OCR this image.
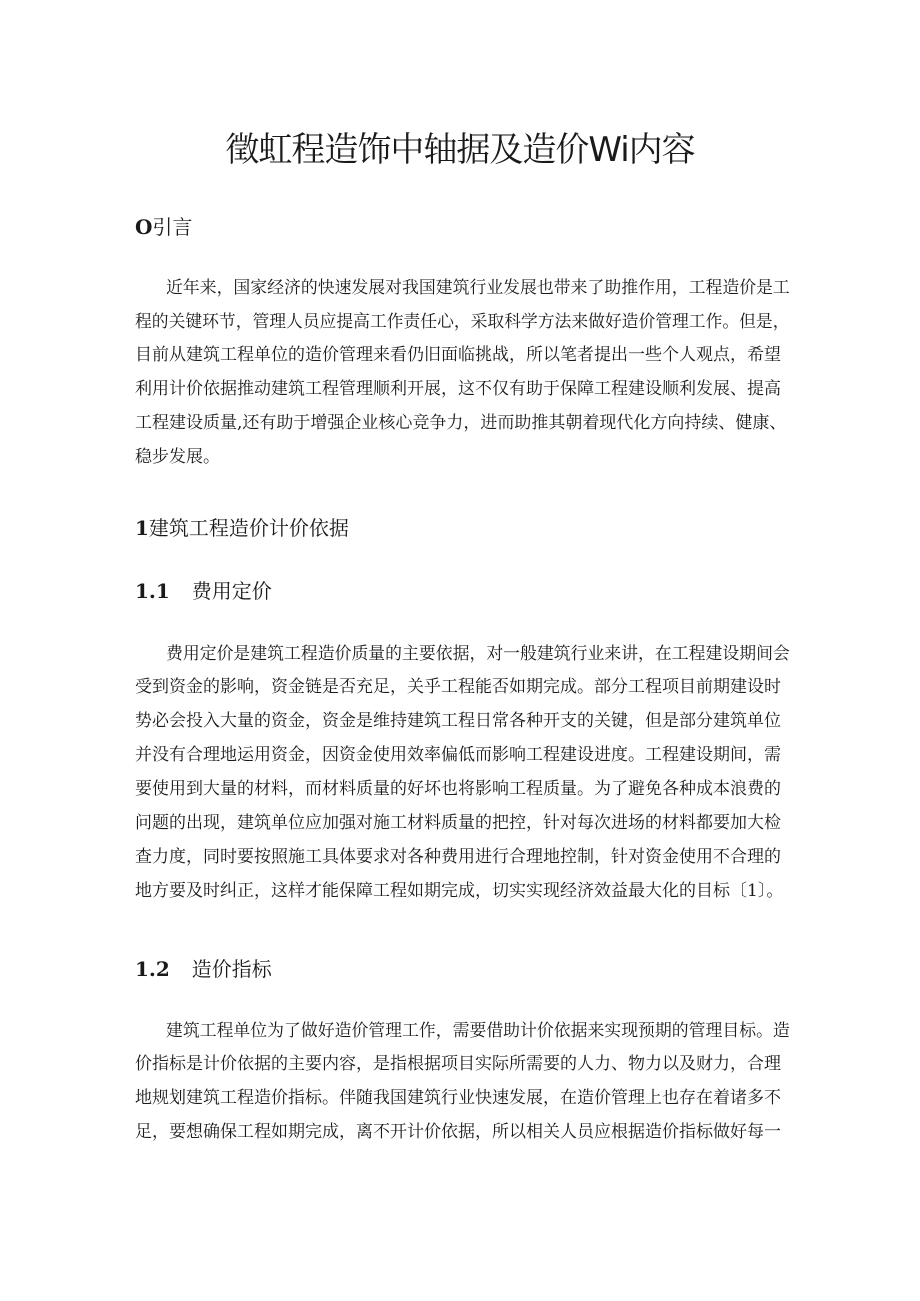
徵虹程造饰中轴据及造价Wi内容
O引言
近年来，国家经济的快速发展对我国建筑行业发展也带来了助推作用，工程造价是工
程的关键环节，管理人员应提高工作责任心，采取科学方法来做好造价管理工作。但是，
目前从建筑工程单位的造价管理来看仍旧面临挑战，所以笔者提出一些个人观点，希望
利用计价依据推动建筑工程管理顺利开展，这不仅有助于保障工程建设顺利发展、提高
工程建设质量,还有助于增强企业核心竞争力，进而助推其朝着现代化方向持续、健康、
稳步发展。
1建筑工程造价计价依据
1.1 费用定价
费用定价是建筑工程造价质量的主要依据，对一般建筑行业来讲，在工程建设期间会
受到资金的影响，资金链是否充足，关乎工程能否如期完成。部分工程项目前期建设时
势必会投入大量的资金，资金是维持建筑工程日常各种开支的关键，但是部分建筑单位
并没有合理地运用资金，因资金使用效率偏低而影响工程建设进度。工程建设期间，需
要使用到大量的材料，而材料质量的好坏也将影响工程质量。为了避免各种成本浪费的
问题的出现，建筑单位应加强对施工材料质量的把控，针对每次进场的材料都要加大检
查力度，同时要按照施工具体要求对各种费用进行合理地控制，针对资金使用不合理的
地方要及时纠正，这样才能保障工程如期完成，切实实现经济效益最大化的目标〔1〕。
1.2 造价指标
建筑工程单位为了做好造价管理工作，需要借助计价依据来实现预期的管理目标。造
价指标是计价依据的主要内容，是指根据项目实际所需要的人力、物力以及财力，合理
地规划建筑工程造价指标。伴随我国建筑行业快速发展，在造价管理上也存在着诸多不
足，要想确保工程如期完成，离不开计价依据，所以相关人员应根据造价指标做好每一
